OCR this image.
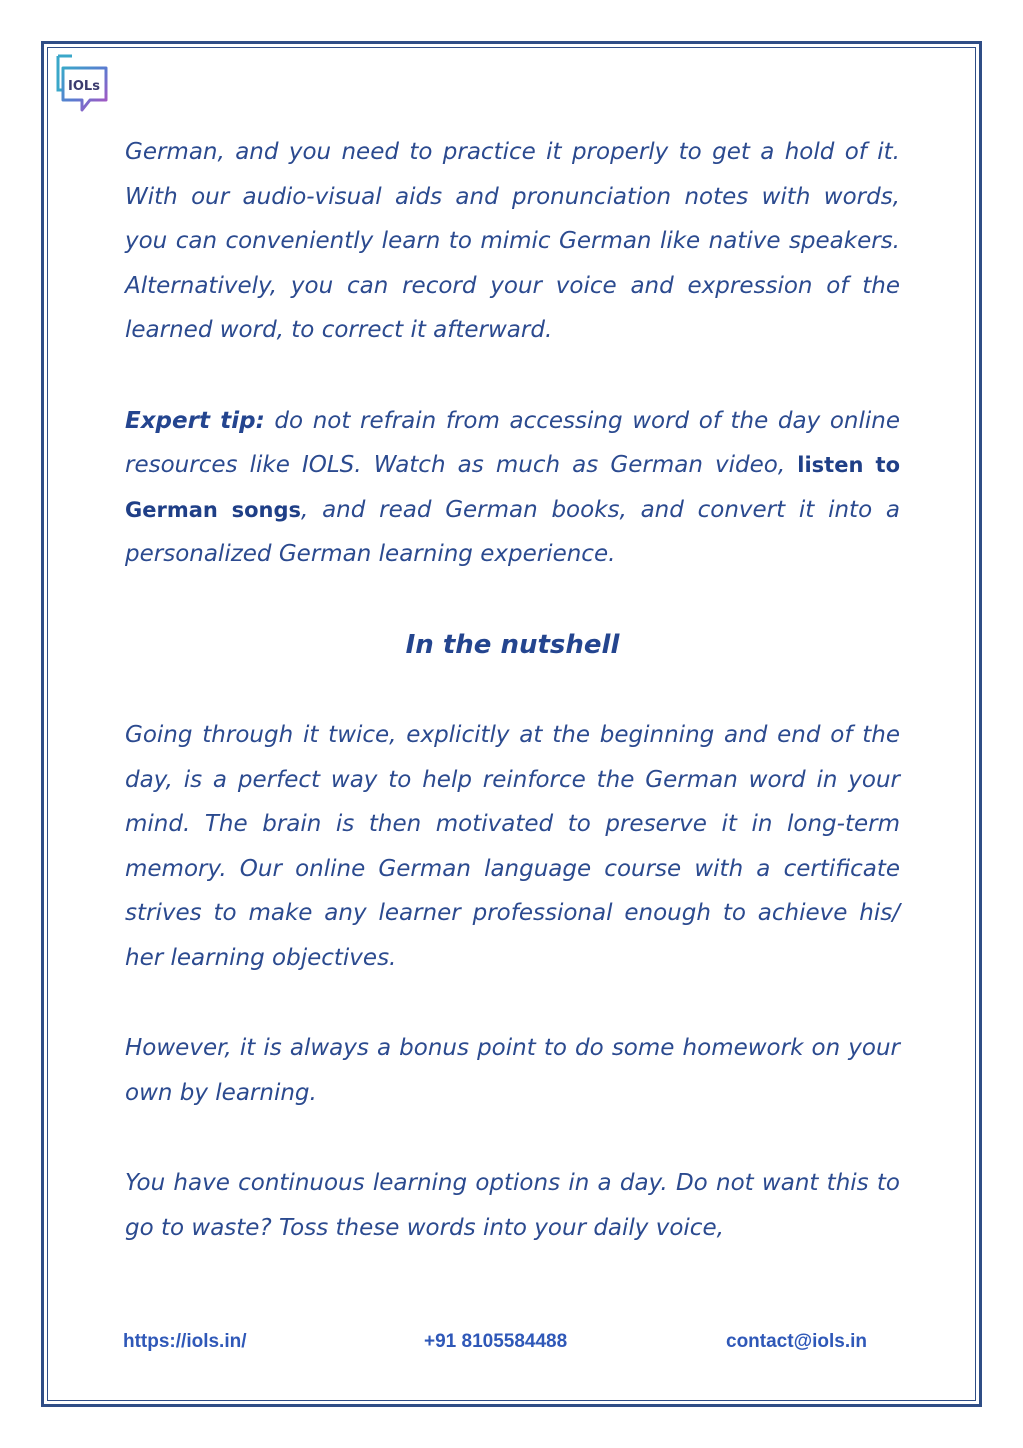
IOLs

German, and you need to practice it properly to get a hold of it. With our audio-visual aids and pronunciation notes with words, you can conveniently learn to mimic German like native speakers. Alternatively, you can record your voice and expression of the learned word, to correct it afterward.

Expert tip: do not refrain from accessing word of the day online resources like IOLS. Watch as much as German video, listen to German songs, and read German books, and convert it into a personalized German learning experience.

In the nutshell

Going through it twice, explicitly at the beginning and end of the day, is a perfect way to help reinforce the German word in your mind. The brain is then motivated to preserve it in long-term memory. Our online German language course with a certificate strives to make any learner professional enough to achieve his/ her learning objectives.

However, it is always a bonus point to do some homework on your own by learning.

You have continuous learning options in a day. Do not want this to go to waste? Toss these words into your daily voice,

https://iols.in/	+91 8105584488	contact@iols.in
